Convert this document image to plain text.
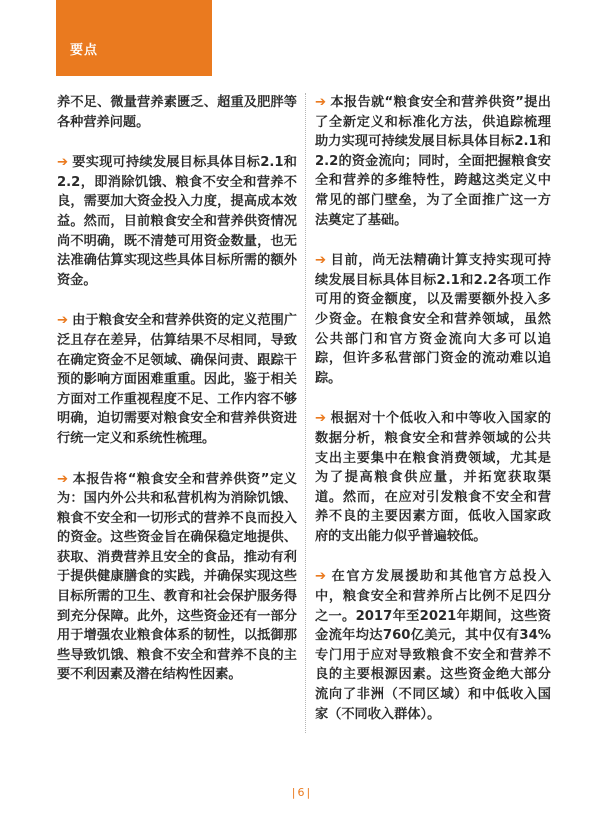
要点

养不足、微量营养素匮乏、超重及肥胖等各种营养问题。

➔ 要实现可持续发展目标具体目标2.1和2.2，即消除饥饿、粮食不安全和营养不良，需要加大资金投入力度，提高成本效益。然而，目前粮食安全和营养供资情况尚不明确，既不清楚可用资金数量，也无法准确估算实现这些具体目标所需的额外资金。

➔ 由于粮食安全和营养供资的定义范围广泛且存在差异，估算结果不尽相同，导致在确定资金不足领域、确保问责、跟踪干预的影响方面困难重重。因此，鉴于相关方面对工作重视程度不足、工作内容不够明确，迫切需要对粮食安全和营养供资进行统一定义和系统性梳理。

➔ 本报告将“粮食安全和营养供资”定义为：国内外公共和私营机构为消除饥饿、粮食不安全和一切形式的营养不良而投入的资金。这些资金旨在确保稳定地提供、获取、消费营养且安全的食品，推动有利于提供健康膳食的实践，并确保实现这些目标所需的卫生、教育和社会保护服务得到充分保障。此外，这些资金还有一部分用于增强农业粮食体系的韧性，以抵御那些导致饥饿、粮食不安全和营养不良的主要不利因素及潜在结构性因素。

➔ 本报告就“粮食安全和营养供资”提出了全新定义和标准化方法，供追踪梳理助力实现可持续发展目标具体目标2.1和2.2的资金流向；同时，全面把握粮食安全和营养的多维特性，跨越这类定义中常见的部门壁垒，为了全面推广这一方法奠定了基础。

➔ 目前，尚无法精确计算支持实现可持续发展目标具体目标2.1和2.2各项工作可用的资金额度，以及需要额外投入多少资金。在粮食安全和营养领域，虽然公共部门和官方资金流向大多可以追踪，但许多私营部门资金的流动难以追踪。

➔ 根据对十个低收入和中等收入国家的数据分析，粮食安全和营养领域的公共支出主要集中在粮食消费领域，尤其是为了提高粮食供应量，并拓宽获取渠道。然而，在应对引发粮食不安全和营养不良的主要因素方面，低收入国家政府的支出能力似乎普遍较低。

➔ 在官方发展援助和其他官方总投入中，粮食安全和营养所占比例不足四分之一。2017年至2021年期间，这些资金流年均达760亿美元，其中仅有34%专门用于应对导致粮食不安全和营养不良的主要根源因素。这些资金绝大部分流向了非洲（不同区域）和中低收入国家（不同收入群体）。

|6|
